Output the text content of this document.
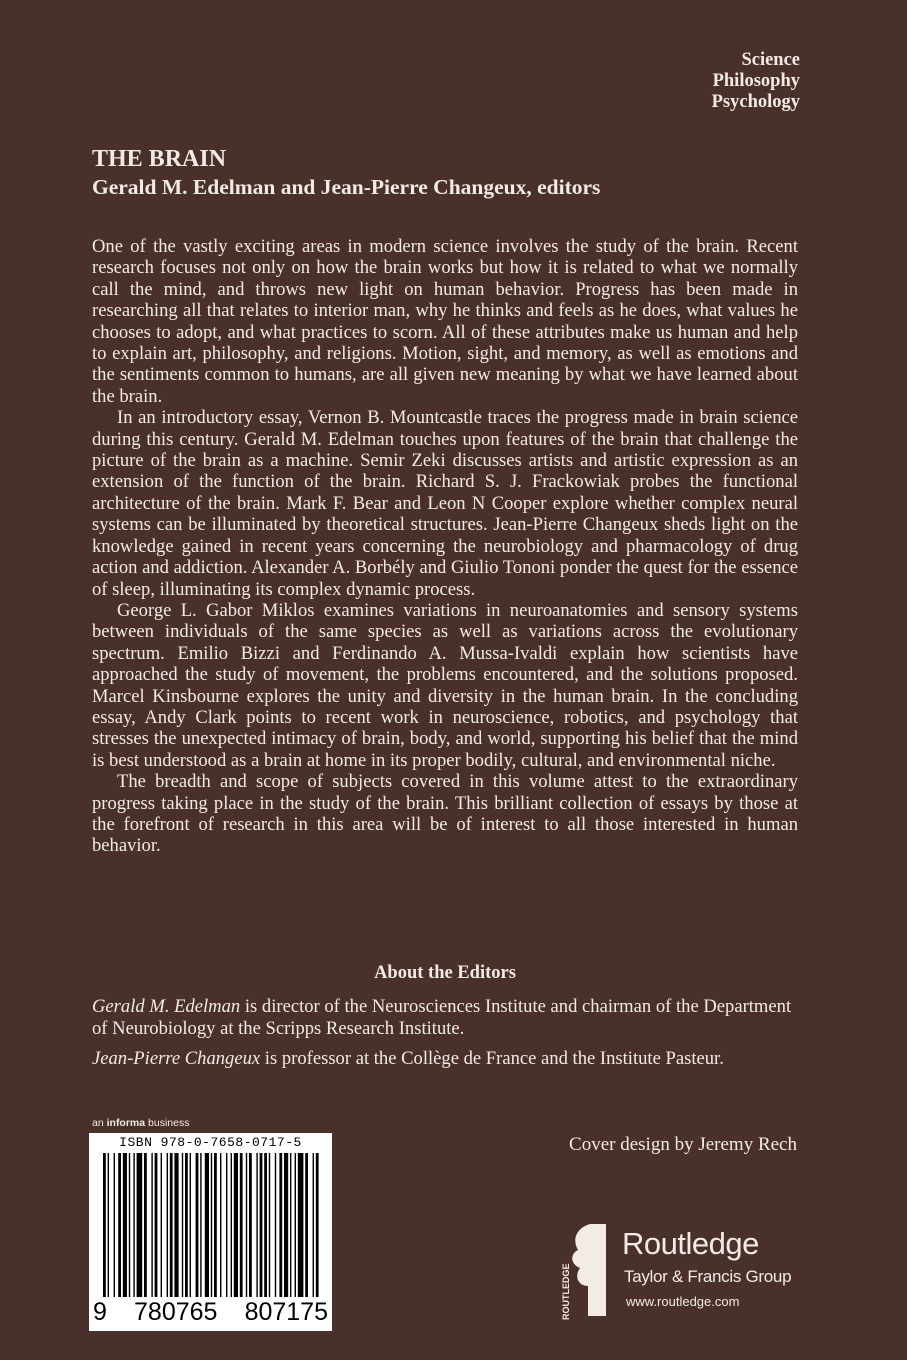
Science
Philosophy
Psychology
THE BRAIN
Gerald M. Edelman and Jean-Pierre Changeux, editors

One of the vastly exciting areas in modern science involves the study of the brain. Recent research focuses not only on how the brain works but how it is related to what we normally call the mind, and throws new light on human behavior. Progress has been made in researching all that relates to interior man, why he thinks and feels as he does, what values he chooses to adopt, and what practices to scorn. All of these attributes make us human and help to explain art, philosophy, and religions. Motion, sight, and memory, as well as emotions and the sentiments common to humans, are all given new meaning by what we have learned about the brain.

In an introductory essay, Vernon B. Mountcastle traces the progress made in brain science during this century. Gerald M. Edelman touches upon features of the brain that challenge the picture of the brain as a machine. Semir Zeki discusses artists and artistic expression as an extension of the function of the brain. Richard S. J. Frackowiak probes the functional architecture of the brain. Mark F. Bear and Leon N Cooper explore whether complex neural systems can be illuminated by theoretical structures. Jean-Pierre Changeux sheds light on the knowledge gained in recent years concerning the neurobiology and pharmacology of drug action and addiction. Alexander A. Borbély and Giulio Tononi ponder the quest for the essence of sleep, illuminating its complex dynamic process.

George L. Gabor Miklos examines variations in neuroanatomies and sensory systems between individuals of the same species as well as variations across the evolutionary spectrum. Emilio Bizzi and Ferdinando A. Mussa-Ivaldi explain how scientists have approached the study of movement, the problems encountered, and the solutions proposed. Marcel Kinsbourne explores the unity and diversity in the human brain. In the concluding essay, Andy Clark points to recent work in neuroscience, robotics, and psychology that stresses the unexpected intimacy of brain, body, and world, supporting his belief that the mind is best understood as a brain at home in its proper bodily, cultural, and environmental niche.

The breadth and scope of subjects covered in this volume attest to the extraordinary progress taking place in the study of the brain. This brilliant collection of essays by those at the forefront of research in this area will be of interest to all those interested in human behavior.

About the Editors
Gerald M. Edelman is director of the Neurosciences Institute and chairman of the Department of Neurobiology at the Scripps Research Institute.
Jean-Pierre Changeux is professor at the Collège de France and the Institute Pasteur.
an informa business
ISBN 978-0-7658-0717-5
9 780765 807175
Cover design by Jeremy Rech
ROUTLEDGE
Routledge
Taylor & Francis Group
www.routledge.com
